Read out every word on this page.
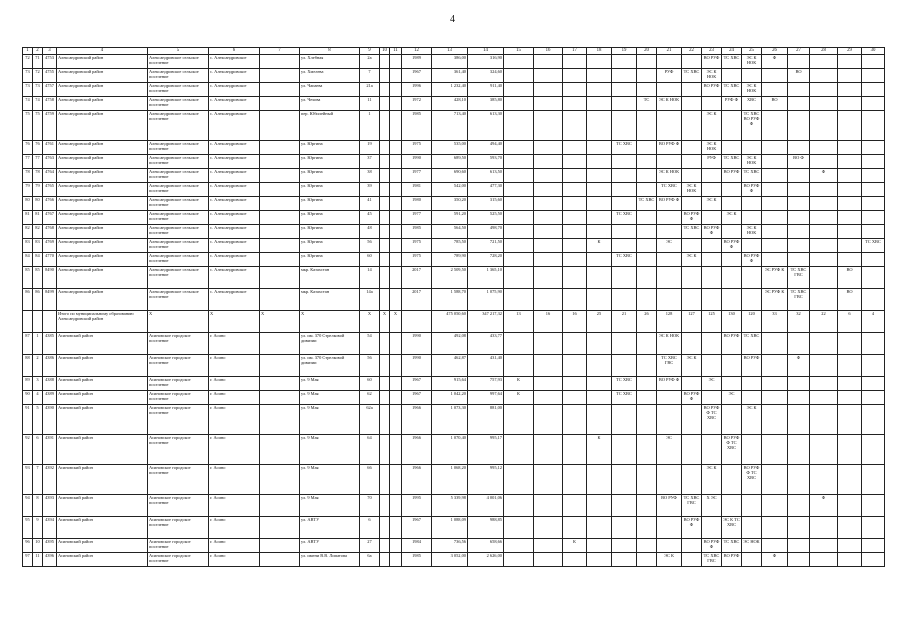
4
1	2	3	4	5	6	7	8	9	10	11	12	13	14	15	16	17	18	19	20	21	22	23	24	25	26	27	28	29	30
72	71	4753	Александровский район	Александровское сельское поселение	с. Александровское		ул. Хлебная	2а			1989	386,00	316,90									ВО РУФ	ТС ХВС	ЭС К НОК	Ф				
73	72	4755	Александровский район	Александровское сельское поселение	с. Александровское		ул. Хмелева	7			1967	361,40	324,60							РУФ	ТС ХВС	ЭС К НОК				ВО			
73	73	4757	Александровский район	Александровское сельское поселение	с. Александровское		ул. Чапаева	21а			1996	1 232,40	911,40									ВО РУФ	ТС ХВС	ЭС К НОК					
74	74	4758	Александровский район	Александровское сельское поселение	с. Александровское		ул. Чехова	11			1972	428,10	385,80						ТС	ЭС К НОК			РУФ Ф	ХВС	ВО				
75	75	4759	Александровский район	Александровское сельское поселение	с. Александровское		пер. Юбилейный	1			1985	713,40	613,30									ЭС К		ТС ХВС ВО РУФ Ф					
76	76	4761	Александровский район	Александровское сельское поселение	с. Александровское		ул. Юргина	19			1975	535,00	494,40					ТС ХВС		ВО РУФ Ф		ЭС К НОК							
77	77	4763	Александровский район	Александровское сельское поселение	с. Александровское		ул. Юргина	37			1990	689,50	593,70									РУФ	ТС ХВС	ЭС К НОК		ВО Ф			
78	78	4764	Александровский район	Александровское сельское поселение	с. Александровское		ул. Юргина	38			1977	690,60	613,50							ЭС К НОК			ВО РУФ	ТС ХВС			Ф		
79	79	4765	Александровский район	Александровское сельское поселение	с. Александровское		ул. Юргина	39			1981	542,00	477,30							ТС ХВС	ЭС К НОК			ВО РУФ Ф					
80	80	4766	Александровский район	Александровское сельское поселение	с. Александровское		ул. Юргина	41			1980	350,20	315,60						ТС ХВС	ВО РУФ Ф		ЭС К							
81	81	4767	Александровский район	Александровское сельское поселение	с. Александровское		ул. Юргина	45			1977	591,20	525,50					ТС ХВС			ВО РУФ Ф		ЭС К						
82	82	4768	Александровский район	Александровское сельское поселение	с. Александровское		ул. Юргина	48			1985	564,50	498,70								ТС ХВС	ВО РУФ Ф		ЭС К НОК					
83	83	4769	Александровский район	Александровское сельское поселение	с. Александровское		ул. Юргина	56			1975	785,50	721,50				К			ЭС			ВО РУФ Ф						ТС ХВС
84	84	4770	Александровский район	Александровское сельское поселение	с. Александровское		ул. Юргина	60			1975	789,90	728,20					ТС ХВС			ЭС К			ВО РУФ Ф					
85	85	8490	Александровский район	Александровское сельское поселение	с. Александровское		мкр. Казахстан	14			2017	2 509,50	1 365,10												ЭС РУФ К	ТС ХВС ГВС		ВО	
86	86	8499	Александровский район	Александровское сельское поселение	с. Александровское		мкр. Казахстан	14а			2017	1 588,70	1 075,90												ЭС РУФ К	ТС ХВС ГВС		ВО	
			Итого по муниципальному образованию Александровский район	Х	Х	Х	Х	Х	Х	Х		475 050,60	347 217,32	13	16	16	25	21	26	128	127	125	130	120	33	32	22	6	4
87	1	4385	Асиновский район	Асиновское городское поселение	г. Асино		ул. им. 370 Стрелковой дивизии	54			1990	492,08	433,77							ЭС К НОК			ВО РУФ	ТС ХВС					
88	2	4386	Асиновский район	Асиновское городское поселение	г. Асино		ул. им. 370 Стрелковой дивизии	56			1990	462,87	431,40							ТС ХВС ГВС	ЭС К			ВО РУФ		Ф			
89	3	4388	Асиновский район	Асиновское городское поселение	г. Асино		ул. 9 Мая	60			1967	915,64	757,93	К				ТС ХВС		ВО РУФ Ф		ЭС							
90	4	4389	Асиновский район	Асиновское городское поселение	г. Асино		ул. 9 Мая	62			1967	1 042,20	997,64	К				ТС ХВС			ВО РУФ Ф		ЭС						
91	5	4390	Асиновский район	Асиновское городское поселение	г. Асино		ул. 9 Мая	62а			1966	1 073,30	881,00									ВО РУФ Ф ТС ХВС		ЭС К					
92	6	4391	Асиновский район	Асиновское городское поселение	г. Асино		ул. 9 Мая	64			1966	1 070,40	995,17				К			ЭС			ВО РУФ Ф ТС ХВС						
93	7	4392	Асиновский район	Асиновское городское поселение	г. Асино		ул. 9 Мая	66			1966	1 068,20	995,12									ЭС К		ВО РУФ Ф ТС ХВС					
94	8	4393	Асиновский район	Асиновское городское поселение	г. Асино		ул. 9 Мая	70			1995	5 339,98	4 001,06							ВО РУФ	ТС ХВС ГВС	Х ЭС					Ф		
95	9	4394	Асиновский район	Асиновское городское поселение	г. Асино		ул. АВТУ	6			1967	1 088,09	988,85								ВО РУФ Ф		ЭС К ТС ХВС						
96	10	4395	Асиновский район	Асиновское городское поселение	г. Асино		ул. АВТУ	27			1984	736,56	658,66			К						ВО РУФ Ф	ТС ХВС	ЭС НОК					
97	11	4396	Асиновский район	Асиновское городское поселение	г. Асино		ул. имени В.В. Липатова	6а			1985	3 052,00	2 626,00							ЭС К		ТС ХВС ГВС	ВО РУФ		Ф				
